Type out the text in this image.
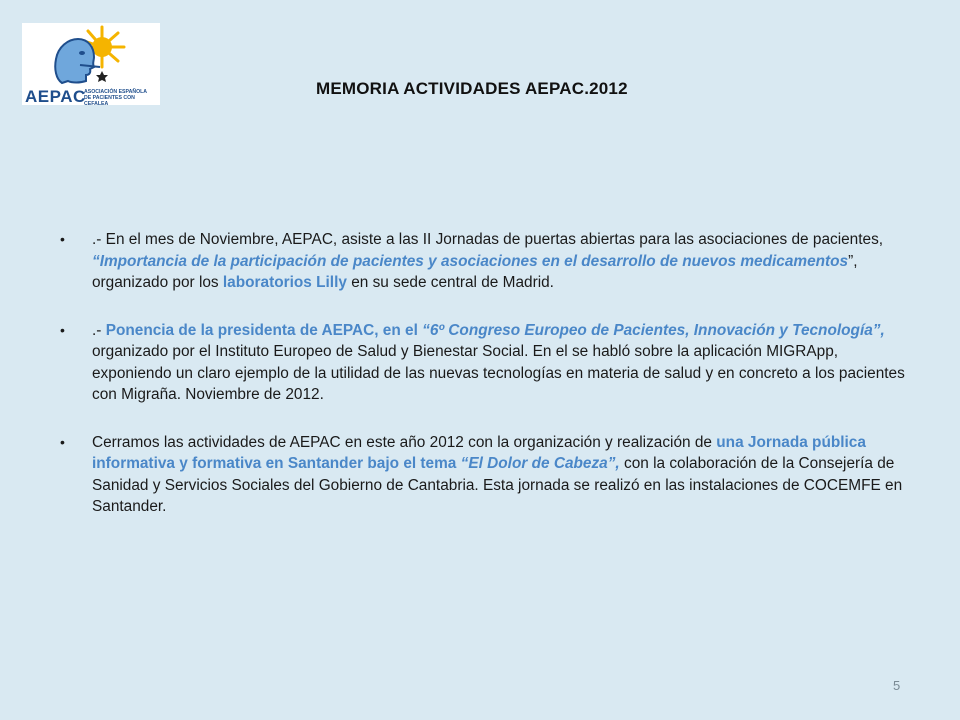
AEPAC
ASOCIACIÓN ESPAÑOLA
DE PACIENTES CON CEFALEA
MEMORIA ACTIVIDADES AEPAC.2012
• .- En el mes de Noviembre, AEPAC, asiste a las II Jornadas de puertas abiertas para las asociaciones de pacientes, “Importancia de la participación de pacientes y asociaciones en el desarrollo de nuevos medicamentos”, organizado por los laboratorios Lilly en su sede central de Madrid.
• .- Ponencia de la presidenta de AEPAC, en el “6º Congreso Europeo de Pacientes, Innovación y Tecnología”, organizado por el Instituto Europeo de Salud y Bienestar Social. En el se habló sobre la aplicación MIGRApp, exponiendo un claro ejemplo de la utilidad de las nuevas tecnologías en materia de salud y en concreto a los pacientes con Migraña. Noviembre de 2012.
• Cerramos las actividades de AEPAC en este año 2012 con la organización y realización de una Jornada pública informativa y formativa en Santander bajo el tema “El Dolor de Cabeza”, con la colaboración de la Consejería de Sanidad y Servicios Sociales del Gobierno de Cantabria. Esta jornada se realizó en las instalaciones de COCEMFE en Santander.
5
